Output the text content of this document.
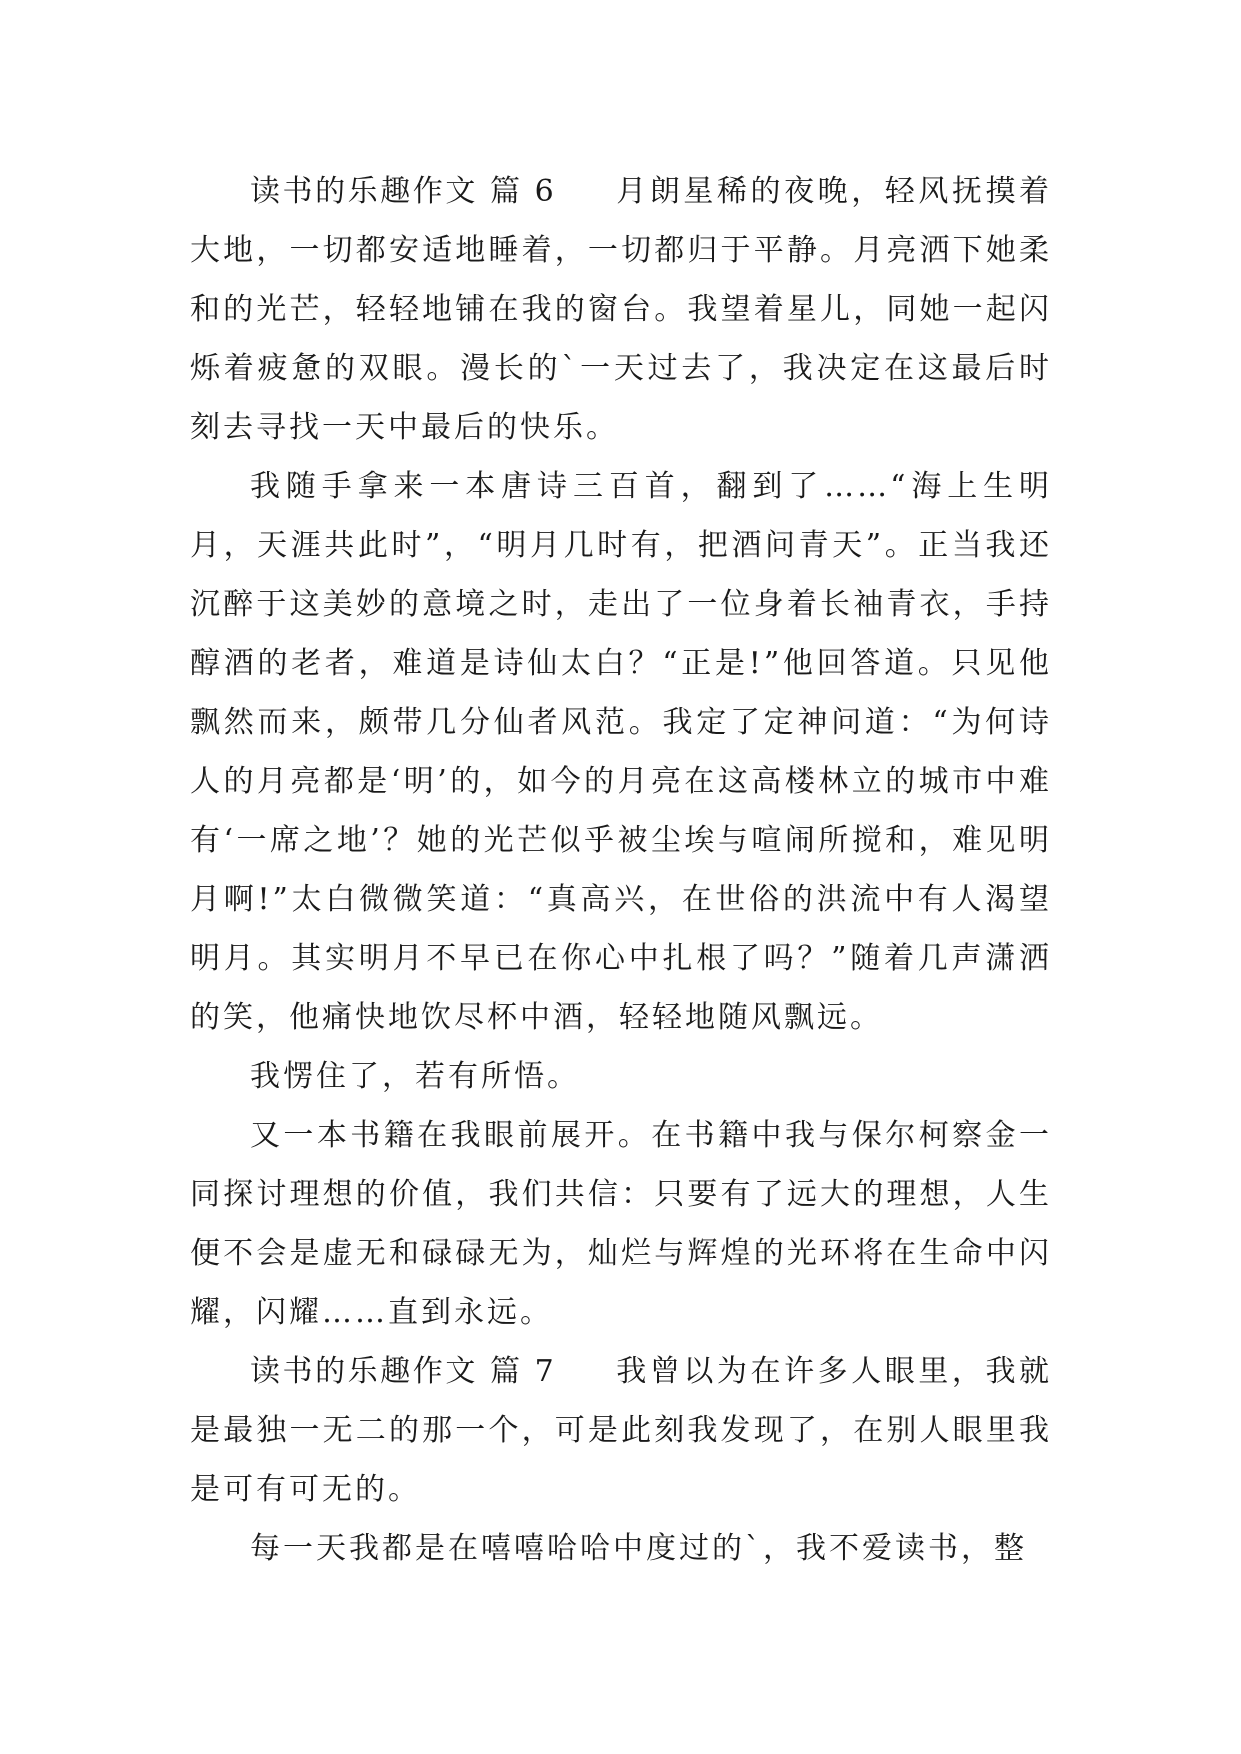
读书的乐趣作文 篇 6 月朗星稀的夜晚，轻风抚摸着大地，一切都安适地睡着，一切都归于平静。月亮洒下她柔和的光芒，轻轻地铺在我的窗台。我望着星儿，同她一起闪烁着疲惫的双眼。漫长的`一天过去了，我决定在这最后时刻去寻找一天中最后的快乐。

我随手拿来一本唐诗三百首，翻到了……“海上生明月，天涯共此时”，“明月几时有，把酒问青天”。正当我还沉醉于这美妙的意境之时，走出了一位身着长袖青衣，手持醇酒的老者，难道是诗仙太白？“正是!”他回答道。只见他飘然而来，颇带几分仙者风范。我定了定神问道：“为何诗人的月亮都是‘明’的，如今的月亮在这高楼林立的城市中难有‘一席之地’？她的光芒似乎被尘埃与喧闹所搅和，难见明月啊!”太白微微笑道：“真高兴，在世俗的洪流中有人渴望明月。其实明月不早已在你心中扎根了吗？”随着几声潇洒的笑，他痛快地饮尽杯中酒，轻轻地随风飘远。

我愣住了，若有所悟。

又一本书籍在我眼前展开。在书籍中我与保尔柯察金一同探讨理想的价值，我们共信：只要有了远大的理想，人生便不会是虚无和碌碌无为，灿烂与辉煌的光环将在生命中闪耀，闪耀……直到永远。

读书的乐趣作文 篇 7 我曾以为在许多人眼里，我就是最独一无二的那一个，可是此刻我发现了，在别人眼里我是可有可无的。

每一天我都是在嘻嘻哈哈中度过的`，我不爱读书，整
